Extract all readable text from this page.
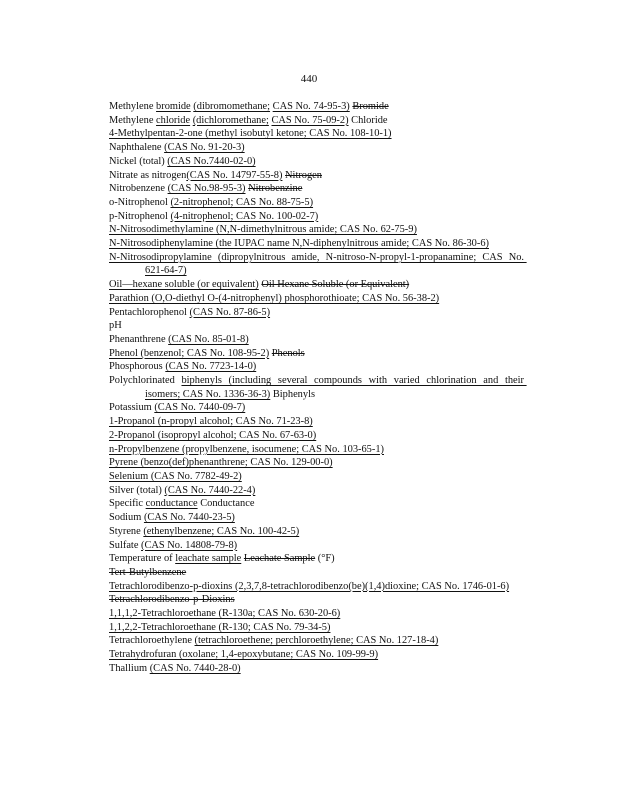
440
Methylene bromide (dibromomethane; CAS No. 74-95-3) Bromide
Methylene chloride (dichloromethane; CAS No. 75-09-2) Chloride
4-Methylpentan-2-one (methyl isobutyl ketone; CAS No. 108-10-1)
Naphthalene (CAS No. 91-20-3)
Nickel (total) (CAS No.7440-02-0)
Nitrate as nitrogen(CAS No. 14797-55-8) Nitrogen
Nitrobenzene (CAS No.98-95-3) Nitrobenzine
o-Nitrophenol (2-nitrophenol; CAS No. 88-75-5)
p-Nitrophenol (4-nitrophenol; CAS No. 100-02-7)
N-Nitrosodimethylamine (N,N-dimethylnitrous amide; CAS No. 62-75-9)
N-Nitrosodiphenylamine (the IUPAC name N,N-diphenylnitrous amide; CAS No. 86-30-6)
N-Nitrosodipropylamine (dipropylnitrous amide, N-nitroso-N-propyl-1-propanamine; CAS No. 621-64-7)
Oil—hexane soluble (or equivalent) Oil Hexane Soluble (or Equivalent)
Parathion (O,O-diethyl O-(4-nitrophenyl) phosphorothioate; CAS No. 56-38-2)
Pentachlorophenol (CAS No. 87-86-5)
pH
Phenanthrene (CAS No. 85-01-8)
Phenol (benzenol; CAS No. 108-95-2) Phenols
Phosphorous (CAS No. 7723-14-0)
Polychlorinated biphenyls (including several compounds with varied chlorination and their isomers; CAS No. 1336-36-3) Biphenyls
Potassium (CAS No. 7440-09-7)
1-Propanol (n-propyl alcohol; CAS No. 71-23-8)
2-Propanol (isopropyl alcohol; CAS No. 67-63-0)
n-Propylbenzene (propylbenzene, isocumene; CAS No. 103-65-1)
Pyrene (benzo(def)phenanthrene; CAS No. 129-00-0)
Selenium (CAS No. 7782-49-2)
Silver (total) (CAS No. 7440-22-4)
Specific conductance Conductance
Sodium (CAS No. 7440-23-5)
Styrene (ethenylbenzene; CAS No. 100-42-5)
Sulfate (CAS No. 14808-79-8)
Temperature of leachate sample Leachate Sample (°F)
Tert-Butylbenzene
Tetrachlorodibenzo-p-dioxins (2,3,7,8-tetrachlorodibenzo(be)(1,4)dioxine; CAS No. 1746-01-6)
Tetrachlorodibenzo-p-Dioxins
1,1,1,2-Tetrachloroethane (R-130a; CAS No. 630-20-6)
1,1,2,2-Tetrachloroethane (R-130; CAS No. 79-34-5)
Tetrachloroethylene (tetrachloroethene; perchloroethylene; CAS No. 127-18-4)
Tetrahydrofuran (oxolane; 1,4-epoxybutane; CAS No. 109-99-9)
Thallium (CAS No. 7440-28-0)
